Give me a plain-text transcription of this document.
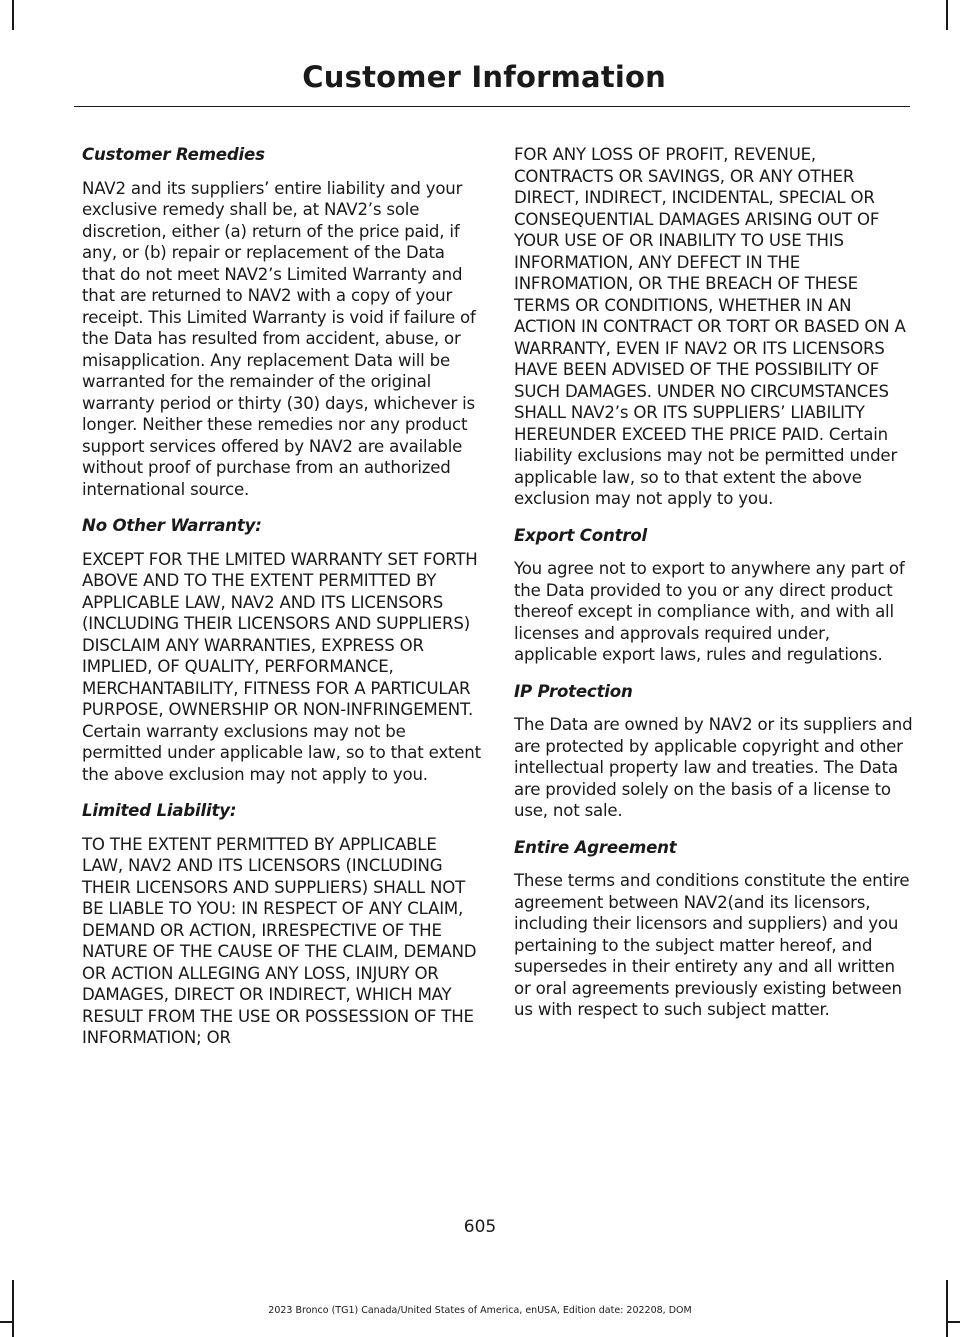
Customer Information
Customer Remedies

NAV2 and its suppliers’ entire liability and your exclusive remedy shall be, at NAV2’s sole discretion, either (a) return of the price paid, if any, or (b) repair or replacement of the Data that do not meet NAV2’s Limited Warranty and that are returned to NAV2 with a copy of your receipt. This Limited Warranty is void if failure of the Data has resulted from accident, abuse, or misapplication. Any replacement Data will be warranted for the remainder of the original warranty period or thirty (30) days, whichever is longer. Neither these remedies nor any product support services offered by NAV2 are available without proof of purchase from an authorized international source.

No Other Warranty:

EXCEPT FOR THE LMITED WARRANTY SET FORTH ABOVE AND TO THE EXTENT PERMITTED BY APPLICABLE LAW, NAV2 AND ITS LICENSORS (INCLUDING THEIR LICENSORS AND SUPPLIERS) DISCLAIM ANY WARRANTIES, EXPRESS OR IMPLIED, OF QUALITY, PERFORMANCE, MERCHANTABILITY, FITNESS FOR A PARTICULAR PURPOSE, OWNERSHIP OR NON-INFRINGEMENT. Certain warranty exclusions may not be permitted under applicable law, so to that extent the above exclusion may not apply to you.

Limited Liability:

TO THE EXTENT PERMITTED BY APPLICABLE LAW, NAV2 AND ITS LICENSORS (INCLUDING THEIR LICENSORS AND SUPPLIERS) SHALL NOT BE LIABLE TO YOU: IN RESPECT OF ANY CLAIM, DEMAND OR ACTION, IRRESPECTIVE OF THE NATURE OF THE CAUSE OF THE CLAIM, DEMAND OR ACTION ALLEGING ANY LOSS, INJURY OR DAMAGES, DIRECT OR INDIRECT, WHICH MAY RESULT FROM THE USE OR POSSESSION OF THE INFORMATION; OR

FOR ANY LOSS OF PROFIT, REVENUE, CONTRACTS OR SAVINGS, OR ANY OTHER DIRECT, INDIRECT, INCIDENTAL, SPECIAL OR CONSEQUENTIAL DAMAGES ARISING OUT OF YOUR USE OF OR INABILITY TO USE THIS INFORMATION, ANY DEFECT IN THE INFROMATION, OR THE BREACH OF THESE TERMS OR CONDITIONS, WHETHER IN AN ACTION IN CONTRACT OR TORT OR BASED ON A WARRANTY, EVEN IF NAV2 OR ITS LICENSORS HAVE BEEN ADVISED OF THE POSSIBILITY OF SUCH DAMAGES. UNDER NO CIRCUMSTANCES SHALL NAV2’s OR ITS SUPPLIERS’ LIABILITY HEREUNDER EXCEED THE PRICE PAID. Certain liability exclusions may not be permitted under applicable law, so to that extent the above exclusion may not apply to you.

Export Control

You agree not to export to anywhere any part of the Data provided to you or any direct product thereof except in compliance with, and with all licenses and approvals required under, applicable export laws, rules and regulations.

IP Protection

The Data are owned by NAV2 or its suppliers and are protected by applicable copyright and other intellectual property law and treaties. The Data are provided solely on the basis of a license to use, not sale.

Entire Agreement

These terms and conditions constitute the entire agreement between NAV2(and its licensors, including their licensors and suppliers) and you pertaining to the subject matter hereof, and supersedes in their entirety any and all written or oral agreements previously existing between us with respect to such subject matter.

605
2023 Bronco (TG1) Canada/United States of America, enUSA, Edition date: 202208, DOM
